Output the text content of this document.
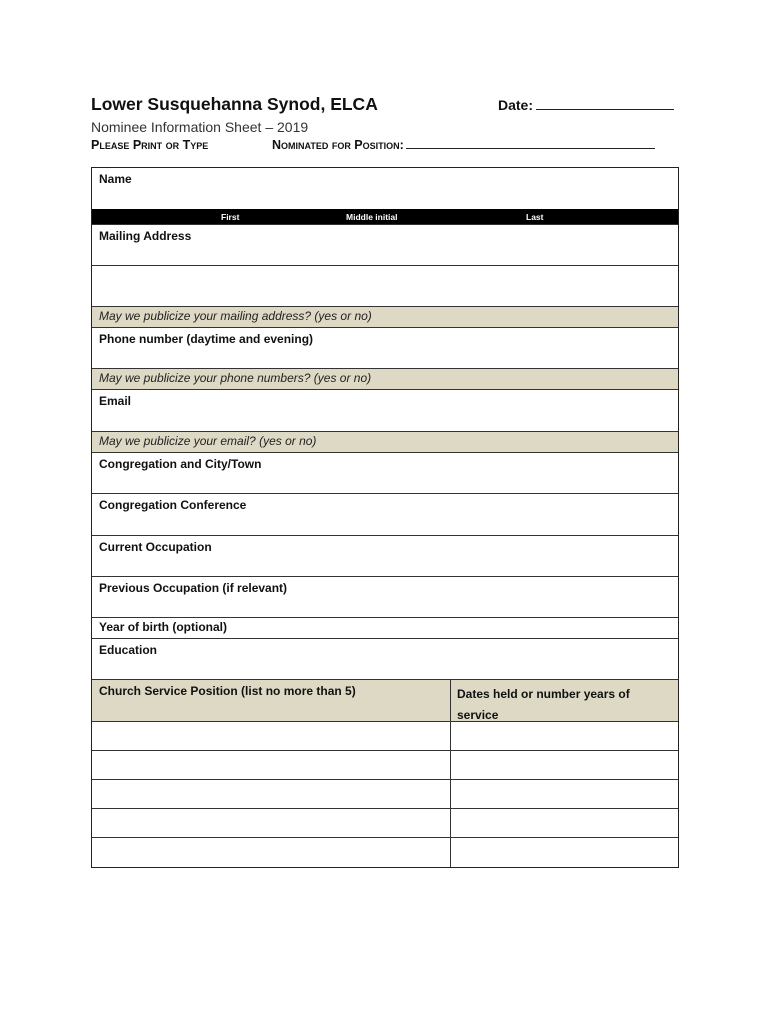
Lower Susquehanna Synod, ELCA	Date:
Nominee Information Sheet – 2019
Please Print or Type	Nominated for Position:
Name
First	Middle initial	Last
Mailing Address
May we publicize your mailing address? (yes or no)
Phone number (daytime and evening)
May we publicize your phone numbers? (yes or no)
Email
May we publicize your email? (yes or no)
Congregation and City/Town
Congregation Conference
Current Occupation
Previous Occupation (if relevant)
Year of birth (optional)
Education
Church Service Position (list no more than 5)	Dates held or number years of service
